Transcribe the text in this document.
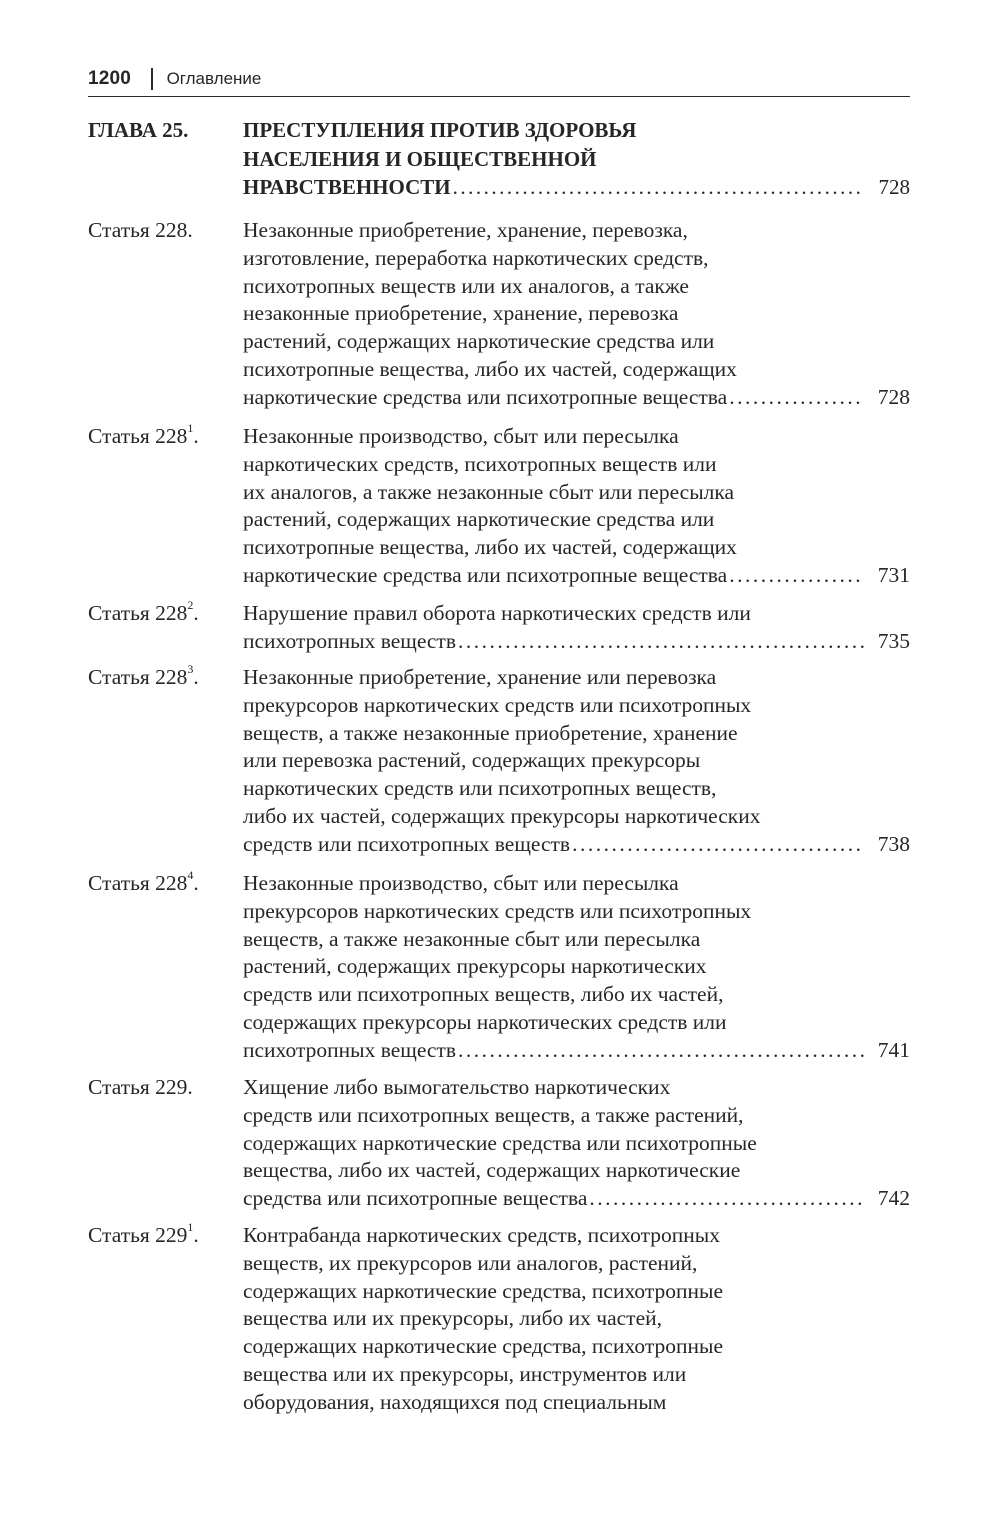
1200 Оглавление
ГЛАВА 25.	ПРЕСТУПЛЕНИЯ ПРОТИВ ЗДОРОВЬЯ
НАСЕЛЕНИЯ И ОБЩЕСТВЕННОЙ
НРАВСТВЕННОСТИ .....	728
Статья 228.	Незаконные приобретение, хранение, перевозка,
изготовление, переработка наркотических средств,
психотропных веществ или их аналогов, а также
незаконные приобретение, хранение, перевозка
растений, содержащих наркотические средства или
психотропные вещества, либо их частей, содержащих
наркотические средства или психотропные вещества .....	728
Статья $228^1$.	Незаконные производство, сбыт или пересылка
наркотических средств, психотропных веществ или
их аналогов, а также незаконные сбыт или пересылка
растений, содержащих наркотические средства или
психотропные вещества, либо их частей, содержащих
наркотические средства или психотропные вещества .....	731
Статья $228^2$.	Нарушение правил оборота наркотических средств или
психотропных веществ .....	735
Статья $228^3$.	Незаконные приобретение, хранение или перевозка
прекурсоров наркотических средств или психотропных
веществ, а также незаконные приобретение, хранение
или перевозка растений, содержащих прекурсоры
наркотических средств или психотропных веществ,
либо их частей, содержащих прекурсоры наркотических
средств или психотропных веществ .....	738
Статья $228^4$.	Незаконные производство, сбыт или пересылка
прекурсоров наркотических средств или психотропных
веществ, а также незаконные сбыт или пересылка
растений, содержащих прекурсоры наркотических
средств или психотропных веществ, либо их частей,
содержащих прекурсоры наркотических средств или
психотропных веществ .....	741
Статья 229.	Хищение либо вымогательство наркотических
средств или психотропных веществ, а также растений,
содержащих наркотические средства или психотропные
вещества, либо их частей, содержащих наркотические
средства или психотропные вещества .....	742
Статья $229^1$.	Контрабанда наркотических средств, психотропных
веществ, их прекурсоров или аналогов, растений,
содержащих наркотические средства, психотропные
вещества или их прекурсоры, либо их частей,
содержащих наркотические средства, психотропные
вещества или их прекурсоры, инструментов или
оборудования, находящихся под специальным
